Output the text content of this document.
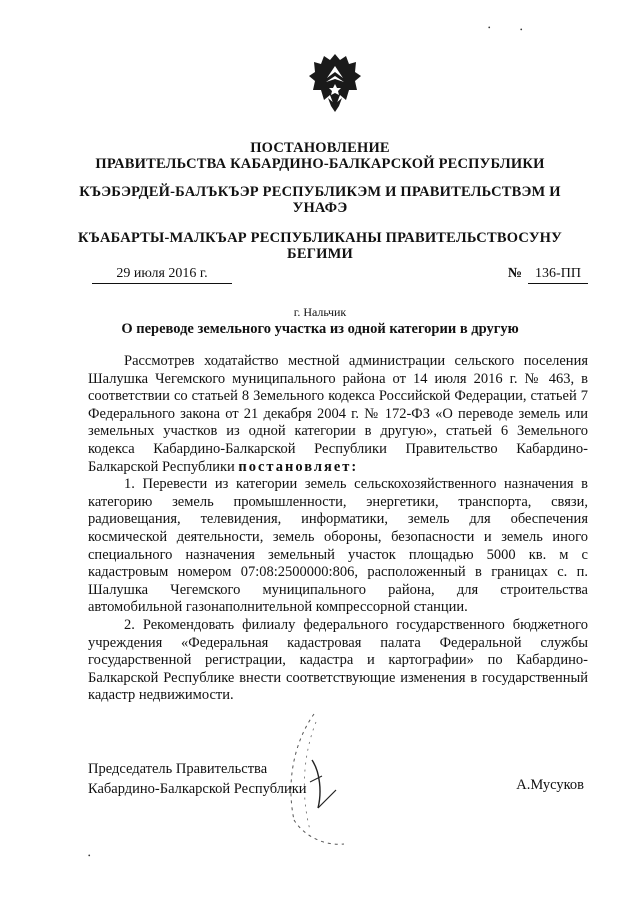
•	•
ПОСТАНОВЛЕНИЕ
ПРАВИТЕЛЬСТВА КАБАРДИНО-БАЛКАРСКОЙ РЕСПУБЛИКИ
КЪЭБЭРДЕЙ-БАЛЪКЪЭР РЕСПУБЛИКЭМ И ПРАВИТЕЛЬСТВЭМ И
УНАФЭ
КЪАБАРТЫ-МАЛКЪАР РЕСПУБЛИКАНЫ ПРАВИТЕЛЬСТВОСУНУ
БЕГИМИ
29 июля 2016 г.	№ 136-ПП
г. Нальчик
О переводе земельного участка из одной категории в другую

Рассмотрев ходатайство местной администрации сельского поселения Шалушка Чегемского муниципального района от 14 июля 2016 г. № 463, в соответствии со статьей 8 Земельного кодекса Российской Федерации, статьей 7 Федерального закона от 21 декабря 2004 г. № 172-ФЗ «О переводе земель или земельных участков из одной категории в другую», статьей 6 Земельного кодекса Кабардино-Балкарской Республики Правительство Кабардино-Балкарской Республики постановляет:

1. Перевести из категории земель сельскохозяйственного назначения в категорию земель промышленности, энергетики, транспорта, связи, радиовещания, телевидения, информатики, земель для обеспечения космической деятельности, земель обороны, безопасности и земель иного специального назначения земельный участок площадью 5000 кв. м с кадастровым номером 07:08:2500000:806, расположенный в границах с. п. Шалушка Чегемского муниципального района, для строительства автомобильной газонаполнительной компрессорной станции.

2. Рекомендовать филиалу федерального государственного бюджетного учреждения «Федеральная кадастровая палата Федеральной службы государственной регистрации, кадастра и картографии» по Кабардино-Балкарской Республике внести соответствующие изменения в государственный кадастр недвижимости.

Председатель Правительства
Кабардино-Балкарской Республики	А.Мусуков
•
